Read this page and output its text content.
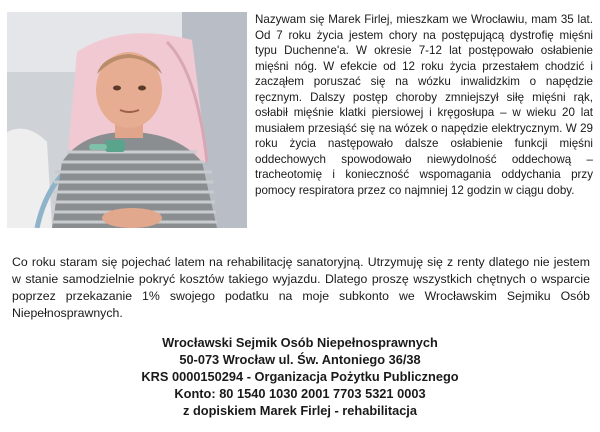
Nazywam się Marek Firlej, mieszkam we Wrocławiu, mam 35 lat. Od 7 roku życia jestem chory na postępującą dystrofię mięśni typu Duchenne'a. W okresie 7-12 lat postępowało osłabienie mięśni nóg. W efekcie od 12 roku życia przestałem chodzić i zacząłem poruszać się na wózku inwalidzkim o napędzie ręcznym. Dalszy postęp choroby zmniejszył siłę mięśni rąk, osłabił mięśnie klatki piersiowej i kręgosłupa – w wieku 20 lat musiałem przesiąść się na wózek o napędzie elektrycznym. W 29 roku życia następowało dalsze osłabienie funkcji mięśni oddechowych spowodowało niewydolność oddechową – tracheotomię i konieczność wspomagania oddychania przy pomocy respiratora przez co najmniej 12 godzin w ciągu doby.

Co roku staram się pojechać latem na rehabilitację sanatoryjną. Utrzymuję się z renty dlatego nie jestem w stanie samodzielnie pokryć kosztów takiego wyjazdu. Dlatego proszę wszystkich chętnych o wsparcie poprzez przekazanie 1% swojego podatku na moje subkonto we Wrocławskim Sejmiku Osób Niepełnosprawnych.

Wrocławski Sejmik Osób Niepełnosprawnych
50-073 Wrocław ul. Św. Antoniego 36/38
KRS 0000150294 - Organizacja Pożytku Publicznego
Konto: 80 1540 1030 2001 7703 5321 0003
z dopiskiem Marek Firlej - rehabilitacja
